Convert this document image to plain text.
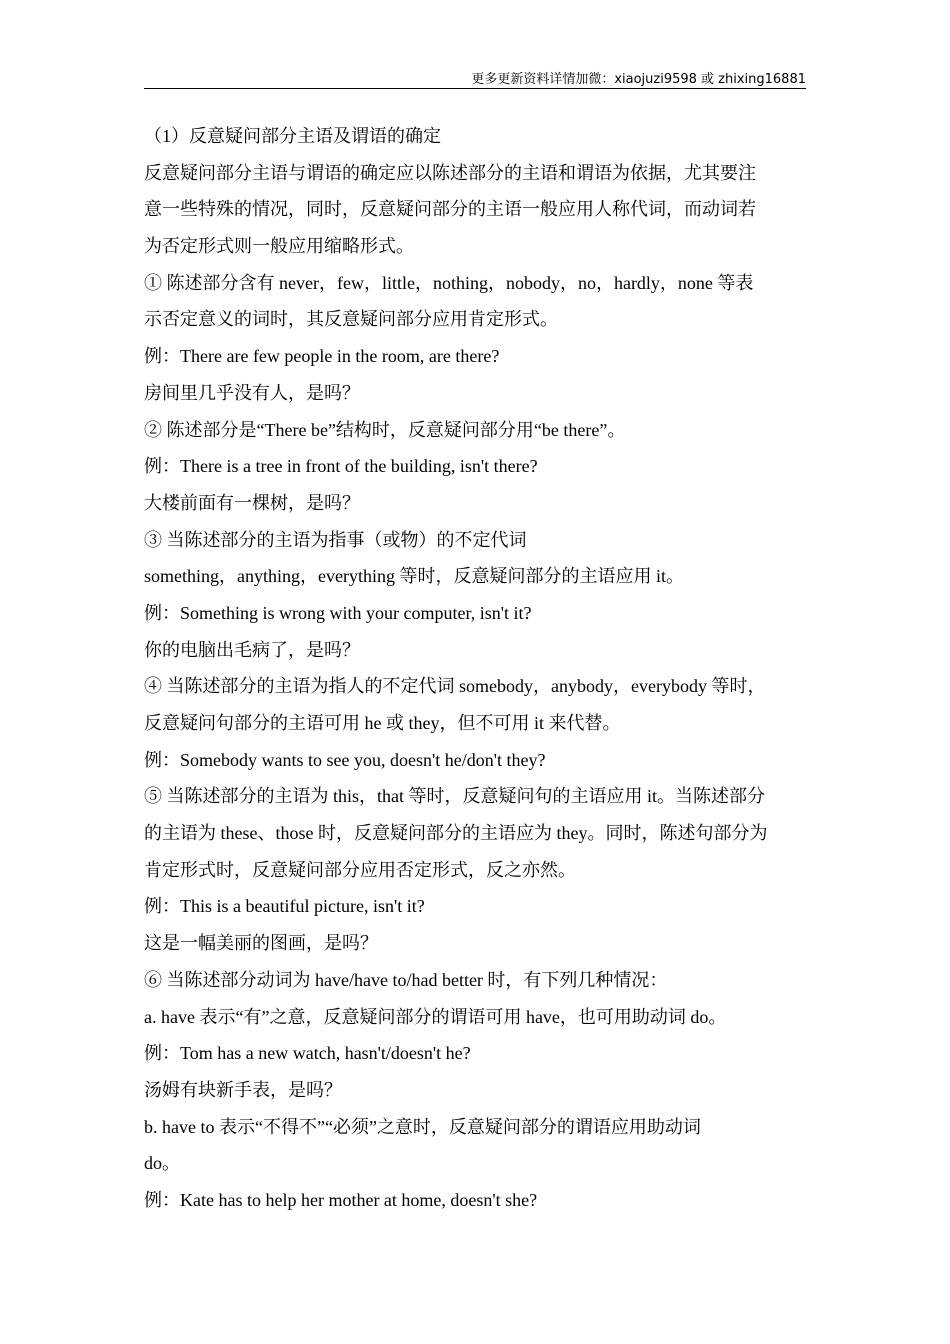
更多更新资料详情加微：xiaojuzi9598 或 zhixing16881
（1）反意疑问部分主语及谓语的确定
反意疑问部分主语与谓语的确定应以陈述部分的主语和谓语为依据，尤其要注
意一些特殊的情况，同时，反意疑问部分的主语一般应用人称代词，而动词若
为否定形式则一般应用缩略形式。
① 陈述部分含有 never，few，little，nothing，nobody，no，hardly，none 等表
示否定意义的词时，其反意疑问部分应用肯定形式。
例：There are few people in the room, are there?
房间里几乎没有人，是吗？
② 陈述部分是“There be”结构时，反意疑问部分用“be there”。
例：There is a tree in front of the building, isn't there?
大楼前面有一棵树，是吗？
③ 当陈述部分的主语为指事（或物）的不定代词
something，anything，everything 等时，反意疑问部分的主语应用 it。
例：Something is wrong with your computer, isn't it?
你的电脑出毛病了，是吗？
④ 当陈述部分的主语为指人的不定代词 somebody，anybody，everybody 等时，
反意疑问句部分的主语可用 he 或 they，但不可用 it 来代替。
例：Somebody wants to see you, doesn't he/don't they?
⑤ 当陈述部分的主语为 this，that 等时，反意疑问句的主语应用 it。当陈述部分
的主语为 these、those 时，反意疑问部分的主语应为 they。同时，陈述句部分为
肯定形式时，反意疑问部分应用否定形式，反之亦然。
例：This is a beautiful picture, isn't it?
这是一幅美丽的图画，是吗？
⑥ 当陈述部分动词为 have/have to/had better 时，有下列几种情况：
a. have 表示“有”之意，反意疑问部分的谓语可用 have，也可用助动词 do。
例：Tom has a new watch, hasn't/doesn't he?
汤姆有块新手表，是吗？
b. have to 表示“不得不”“必须”之意时，反意疑问部分的谓语应用助动词
do。
例：Kate has to help her mother at home, doesn't she?
